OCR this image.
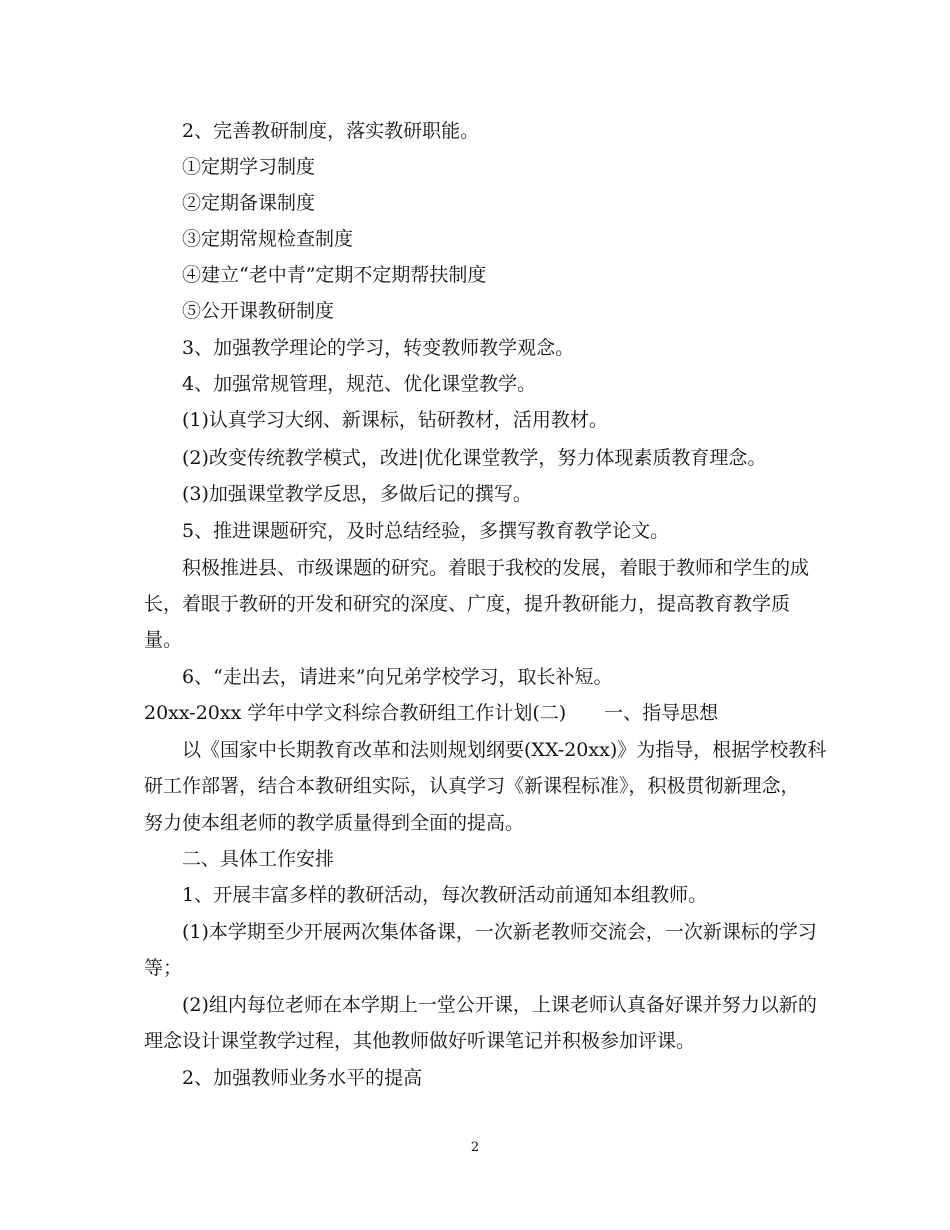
2、完善教研制度，落实教研职能。

①定期学习制度

②定期备课制度

③定期常规检查制度

④建立“老中青”定期不定期帮扶制度

⑤公开课教研制度

3、加强教学理论的学习，转变教师教学观念。

4、加强常规管理，规范、优化课堂教学。

(1)认真学习大纲、新课标，钻研教材，活用教材。

(2)改变传统教学模式，改进|优化课堂教学，努力体现素质教育理念。

(3)加强课堂教学反思，多做后记的撰写。

5、推进课题研究，及时总结经验，多撰写教育教学论文。

积极推进县、市级课题的研究。着眼于我校的发展，着眼于教师和学生的成

长，着眼于教研的开发和研究的深度、广度，提升教研能力，提高教育教学质

量。

6、“走出去，请进来”向兄弟学校学习，取长补短。

20xx-20xx 学年中学文科综合教研组工作计划(二)　　一、指导思想

以《国家中长期教育改革和法则规划纲要(XX-20xx)》为指导，根据学校教科

研工作部署，结合本教研组实际，认真学习《新课程标准》，积极贯彻新理念，

努力使本组老师的教学质量得到全面的提高。

二、具体工作安排

1、开展丰富多样的教研活动，每次教研活动前通知本组教师。

(1)本学期至少开展两次集体备课，一次新老教师交流会，一次新课标的学习

等；

(2)组内每位老师在本学期上一堂公开课，上课老师认真备好课并努力以新的

理念设计课堂教学过程，其他教师做好听课笔记并积极参加评课。

2、加强教师业务水平的提高

2
